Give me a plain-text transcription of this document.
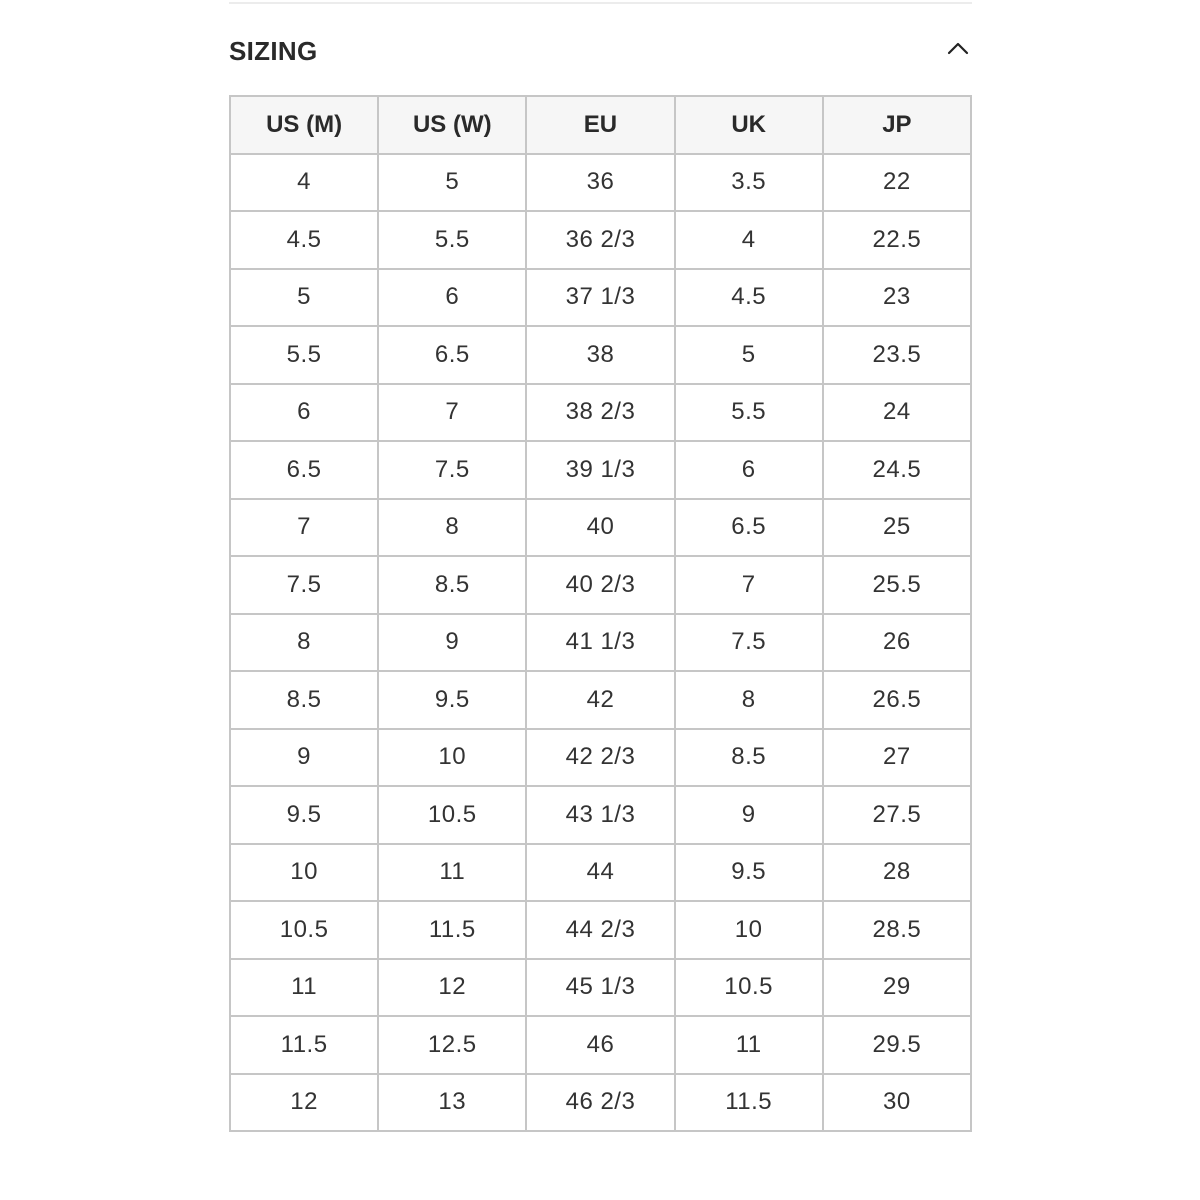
SIZING
US (M)	US (W)	EU	UK	JP
4	5	36	3.5	22
4.5	5.5	36 2/3	4	22.5
5	6	37 1/3	4.5	23
5.5	6.5	38	5	23.5
6	7	38 2/3	5.5	24
6.5	7.5	39 1/3	6	24.5
7	8	40	6.5	25
7.5	8.5	40 2/3	7	25.5
8	9	41 1/3	7.5	26
8.5	9.5	42	8	26.5
9	10	42 2/3	8.5	27
9.5	10.5	43 1/3	9	27.5
10	11	44	9.5	28
10.5	11.5	44 2/3	10	28.5
11	12	45 1/3	10.5	29
11.5	12.5	46	11	29.5
12	13	46 2/3	11.5	30
